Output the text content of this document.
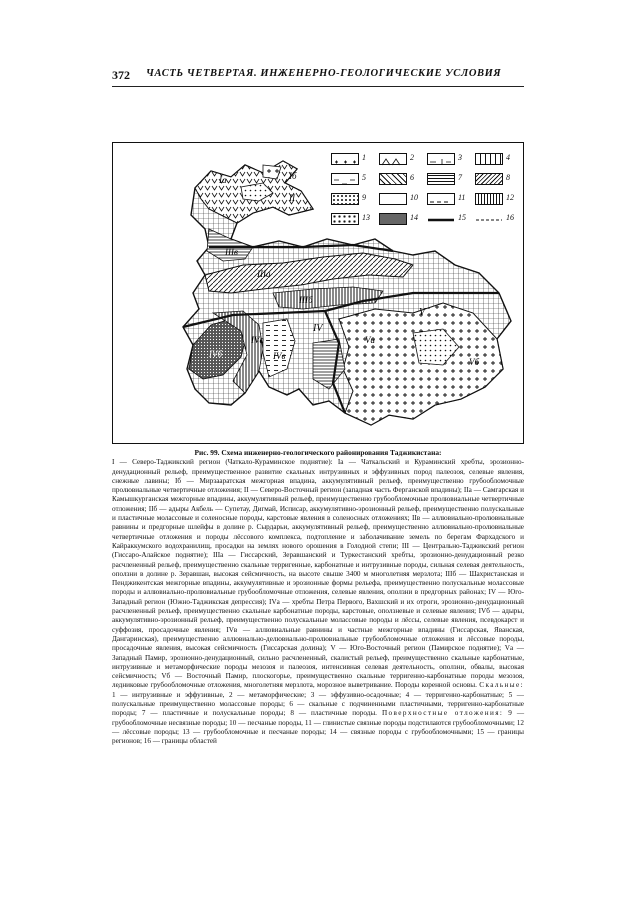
372 ЧАСТЬ ЧЕТВЕРТАЯ. ИНЖЕНЕРНО-ГЕОЛОГИЧЕСКИЕ УСЛОВИЯ
Iа	Iб
II
IIIа
IIIб
IIIв
IV
IVа
IVб	IVв
V
Vа
Vб
1	2	3	4
5	6	7	8
9	10	11	12
13	14	15	16
Рис. 99. Схема инженерно-геологического районирования Таджикистана:

I — Северо-Таджикский регион (Чаткало-Кураминское поднятие): Iа — Чаткальский и Кураминский хребты, эрозионно-денудационный рельеф, преимущественное развитие скальных интрузивных и эффузивных пород палеозоя, селевые явления, снежные лавины; Iб — Мирзааратская межгорная впадина, аккумулятивный рельеф, преимущественно грубообломочные пролювиальные четвертичные отложения; II — Северо-Восточный регион (западная часть Ферганской впадины); IIа — Самгарская и Камышкурганская межгорные впадины, аккумулятивный рельеф, преимущественно грубообломочные пролювиальные четвертичные отложения; IIб — адыры Акбель — Супетау, Дигмай, Исписар, аккумулятивно-эрозионный рельеф, преимущественно полускальные и пластичные молассовые и соленосные породы, карстовые явления в соленосных отложениях; IIв — аллювиально-пролювиальные равнины и предгорные шлейфы в долине р. Сырдарьи, аккумулятивный рельеф, преимущественно аллювиально-пролювиальные четвертичные отложения и породы лёссового комплекса, подтопление и заболачивание земель по берегам Фархадского и Кайраккумского водохранилищ, просадки на землях нового орошения в Голодной степи; III — Центрально-Таджикский регион (Гиссаро-Алайское поднятие); IIIа — Гиссарский, Зеравшанский и Туркестанский хребты, эрозионно-денудационный резко расчлененный рельеф, преимущественно скальные терригенные, карбонатные и интрузивные породы, сильная селевая деятельность, оползни в долине р. Зеравшан, высокая сейсмичность, на высоте свыше 3400 м многолетняя мерзлота; IIIб — Шахристанская и Пенджикентская межгорные впадины, аккумулятивные и эрозионные формы рельефа, преимущественно полускальные молассовые породы и аллювиально-пролювиальные грубообломочные отложения, селевые явления, оползни в предгорных районах; IV — Юго-Западный регион (Южно-Таджикская депрессия); IVа — хребты Петра Первого, Вахшский и их отроги, эрозионно-денудационный расчлененный рельеф, преимущественно скальные карбонатные породы, карстовые, оползневые и селевые явления; IVб — адыры, аккумулятивно-эрозионный рельеф, преимущественно полускальные молассовые породы и лёссы, селевые явления, псевдокарст и суффозия, просадочные явления; IVв — аллювиальные равнины и частные межгорные впадины (Гиссарская, Яванская, Дангаринская), преимущественно аллювиально-делювиально-пролювиальные грубообломочные отложения и лёссовые породы, просадочные явления, высокая сейсмичность (Гиссарская долина); V — Юго-Восточный регион (Памирское поднятие); Vа — Западный Памир, эрозионно-денудационный, сильно расчлененный, скалистый рельеф, преимущественно скальные карбонатные, интрузивные и метаморфические породы мезозоя и палеозоя, интенсивная селевая деятельность, оползни, обвалы, высокая сейсмичность; Vб — Восточный Памир, плоскогорье, преимущественно скальные терригенно-карбонатные породы мезозоя, ледниковые грубообломочные отложения, многолетняя мерзлота, морозное выветривание. Породы коренной основы. Скальные: 1 — интрузивные и эффузивные, 2 — метаморфические; 3 — эффузивно-осадочные; 4 — терригенно-карбонатные; 5 — полускальные преимущественно молассовые породы; 6 — скальные с подчиненными пластичными, терригенно-карбонатные породы; 7 — пластичные и полускальные породы; 8 — пластичные породы. Поверхностные отложения: 9 — грубообломочные несвязные породы; 10 — песчаные породы, 11 — глинистые связные породы подстилаются грубообломочными; 12 — лёссовые породы; 13 — грубообломочные и песчаные породы; 14 — связные породы с грубообломочными; 15 — границы регионов; 16 — границы областей
